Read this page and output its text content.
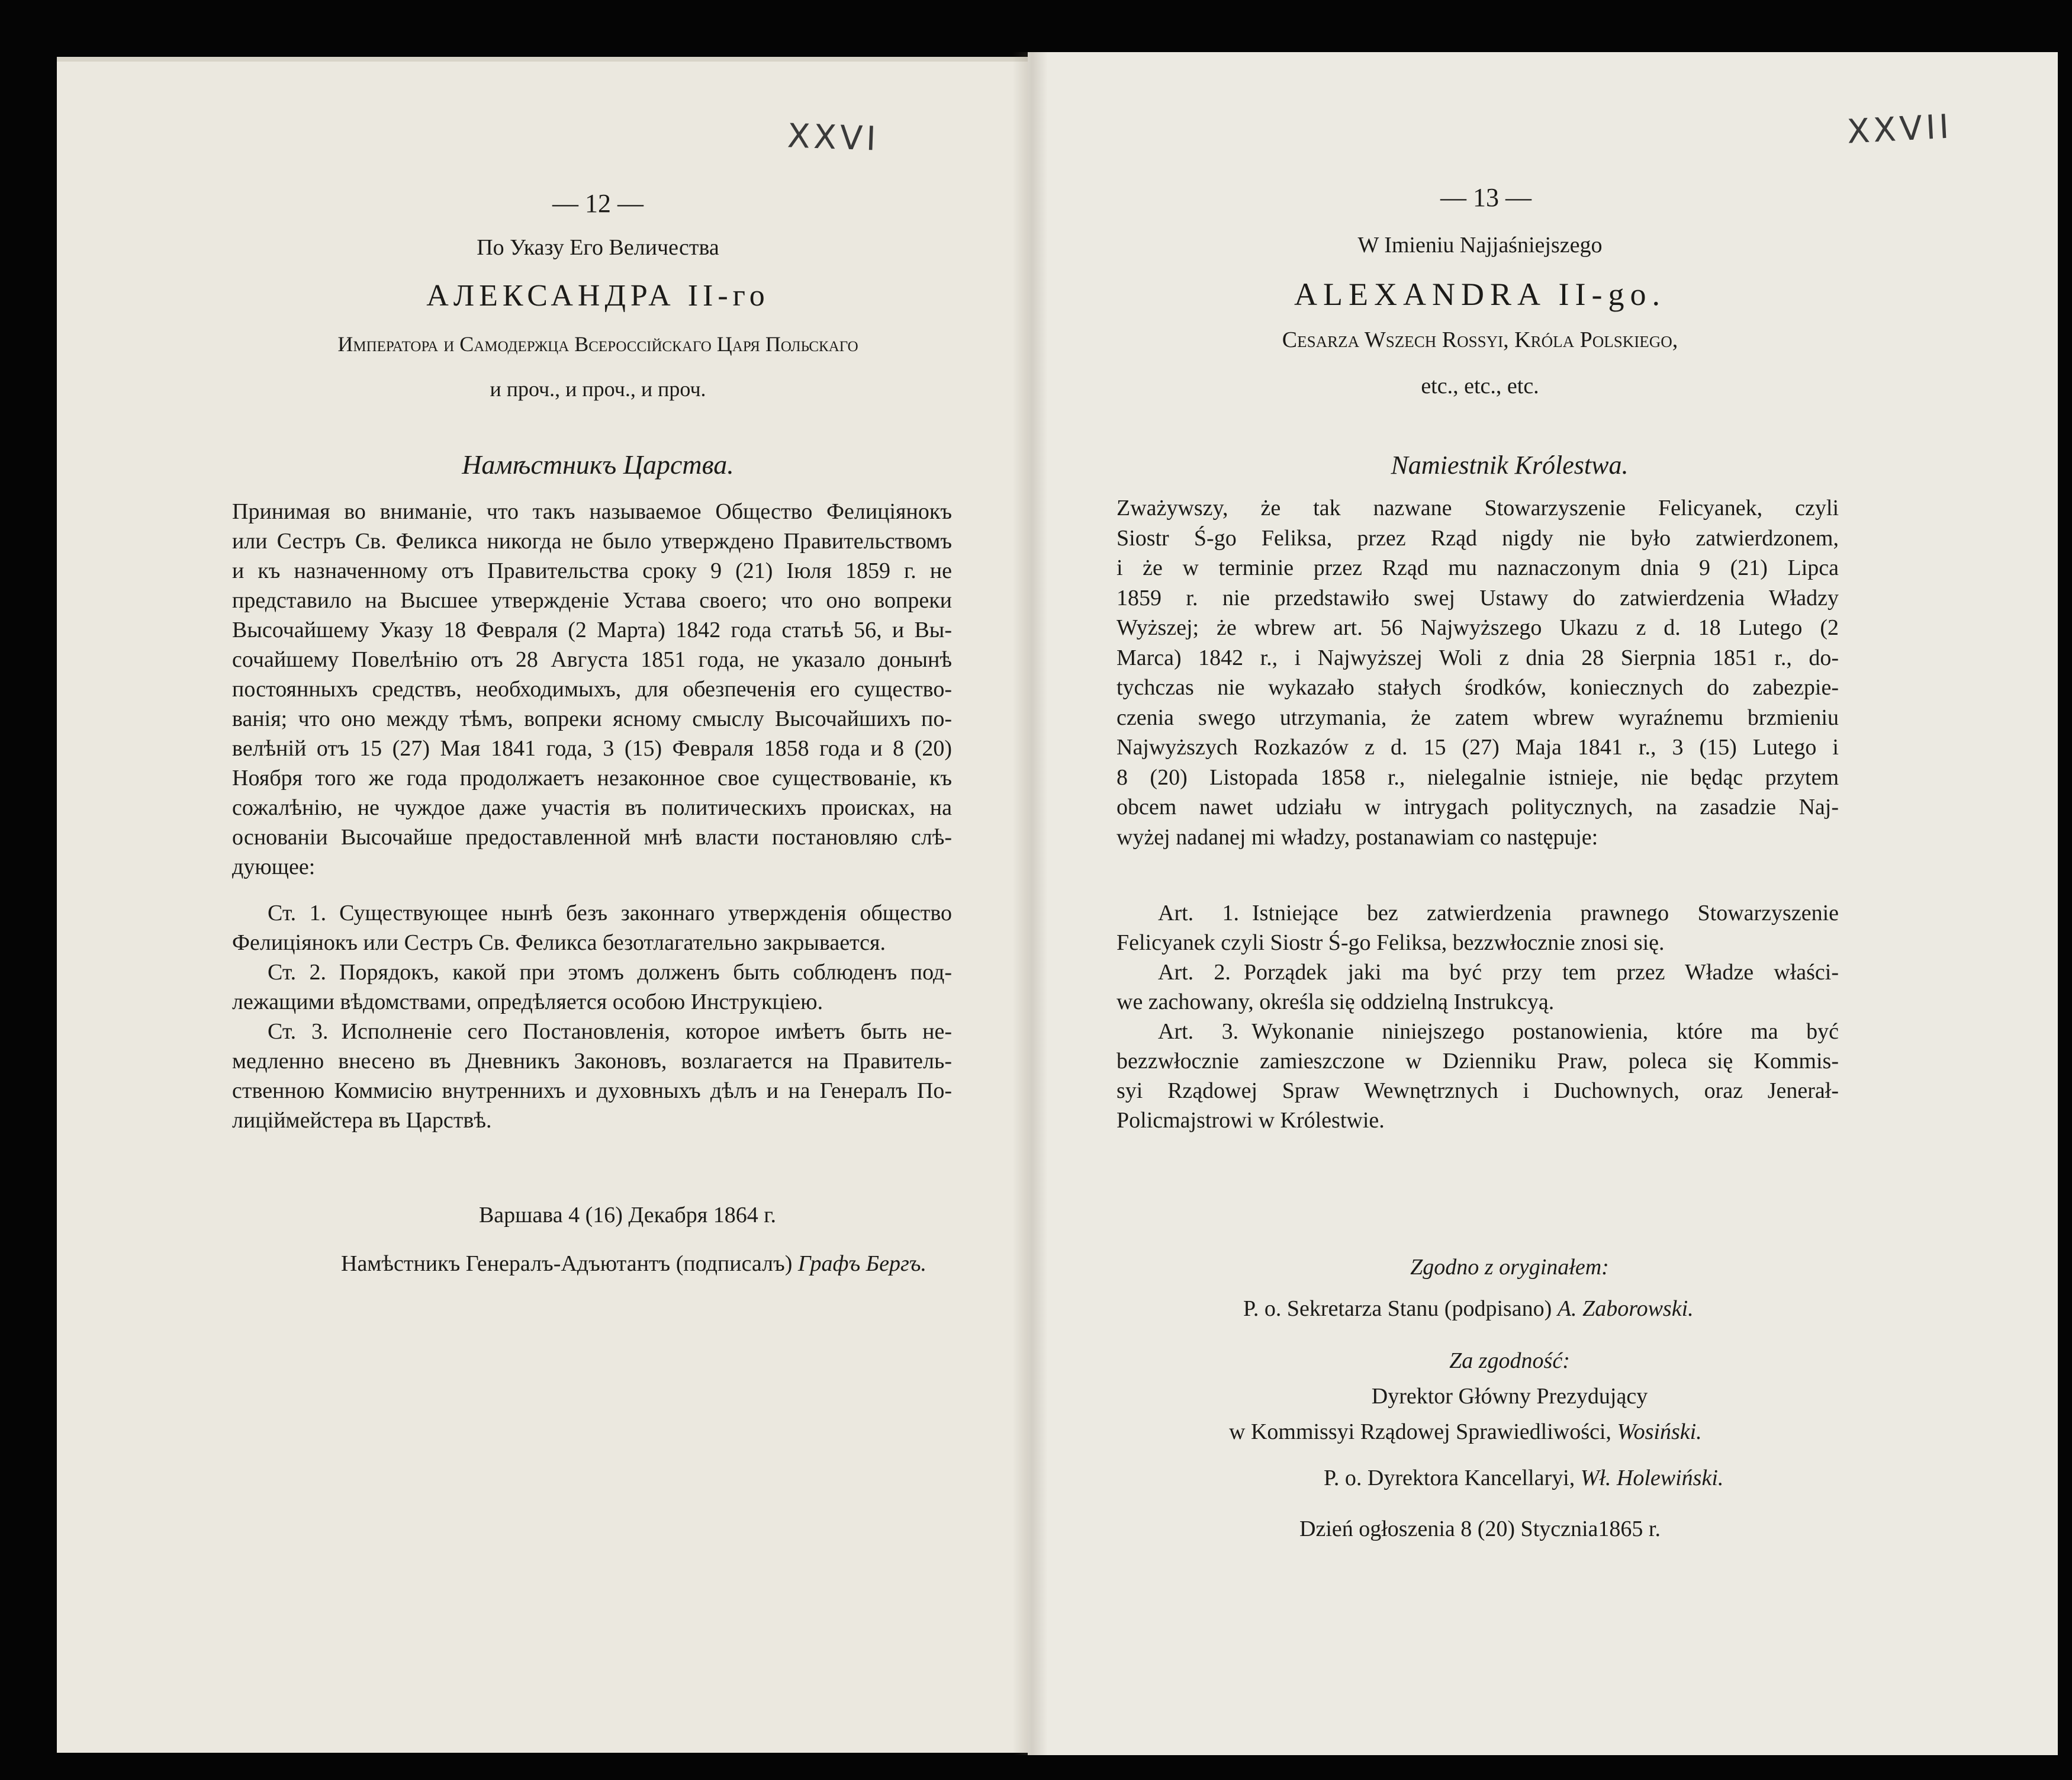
XXVI
— 12 —
По Указу Его Величества
АЛЕКСАНДРА II-го
Императора и Самодержца Всероссійскаго Царя Польскаго
и проч., и проч., и проч.
Намѣстникъ Царства.
Принимая во вниманіе, что такъ называемое Общество Фелиціянокъ
или Сестръ Св. Феликса никогда не было утверждено Правительствомъ
и къ назначенному отъ Правительства сроку 9 (21) Іюля 1859 г. не
представило на Высшее утвержденіе Устава своего; что оно вопреки
Высочайшему Указу 18 Февраля (2 Марта) 1842 года статьѣ 56, и Вы-
сочайшему Повелѣнію отъ 28 Августа 1851 года, не указало донынѣ
постоянныхъ средствъ, необходимыхъ, для обезпеченія его существо-
ванія; что оно между тѣмъ, вопреки ясному смыслу Высочайшихъ по-
велѣній отъ 15 (27) Мая 1841 года, 3 (15) Февраля 1858 года и 8 (20)
Ноября того же года продолжаетъ незаконное свое существованіе, къ
сожалѣнію, не чуждое даже участія въ политическихъ происках, на
основаніи Высочайше предоставленной мнѣ власти постановляю слѣ-
дующее:
Ст. 1. Существующее нынѣ безъ законнаго утвержденія общество
Фелиціянокъ или Сестръ Св. Феликса безотлагательно закрывается.
Ст. 2. Порядокъ, какой при этомъ долженъ быть соблюденъ под-
лежащими вѣдомствами, опредѣляется особою Инструкціею.
Ст. 3. Исполненіе сего Постановленія, которое имѣетъ быть не-
медленно внесено въ Дневникъ Законовъ, возлагается на Правитель-
ственною Коммисію внутреннихъ и духовныхъ дѣлъ и на Генералъ По-
лиціймейстера въ Царствѣ.
Варшава 4 (16) Декабря 1864 г.
Намѣстникъ Генералъ-Адъютантъ (подписалъ) Графъ Бергъ.
XXVII
— 13 —
W Imieniu Najjaśniejszego
ALEXANDRA II-go.
Cesarza Wszech Rossyi, Króla Polskiego,
etc., etc., etc.
Namiestnik Królestwa.
Zważywszy, że tak nazwane Stowarzyszenie Felicyanek, czyli
Siostr Ś-go Feliksa, przez Rząd nigdy nie było zatwierdzonem,
i że w terminie przez Rząd mu naznaczonym dnia 9 (21) Lipca
1859 r. nie przedstawiło swej Ustawy do zatwierdzenia Władzy
Wyższej; że wbrew art. 56 Najwyższego Ukazu z d. 18 Lutego (2
Marca) 1842 r., i Najwyższej Woli z dnia 28 Sierpnia 1851 r., do-
tychczas nie wykazało stałych środków, koniecznych do zabezpie-
czenia swego utrzymania, że zatem wbrew wyraźnemu brzmieniu
Najwyższych Rozkazów z d. 15 (27) Maja 1841 r., 3 (15) Lutego i
8 (20) Listopada 1858 r., nielegalnie istnieje, nie będąc przytem
obcem nawet udziału w intrygach politycznych, na zasadzie Naj-
wyżej nadanej mi władzy, postanawiam co następuje:
Art. 1. Istniejące bez zatwierdzenia prawnego Stowarzyszenie
Felicyanek czyli Siostr Ś-go Feliksa, bezzwłocznie znosi się.
Art. 2. Porządek jaki ma być przy tem przez Władze właści-
we zachowany, określa się oddzielną Instrukcyą.
Art. 3. Wykonanie niniejszego postanowienia, które ma być
bezzwłocznie zamieszczone w Dzienniku Praw, poleca się Kommis-
syi Rządowej Spraw Wewnętrznych i Duchownych, oraz Jenerał-
Policmajstrowi w Królestwie.
Zgodno z oryginałem:
P. o. Sekretarza Stanu (podpisano) A. Zaborowski.
Za zgodność:
Dyrektor Główny Prezydujący
w Kommissyi Rządowej Sprawiedliwości, Wosiński.
P. o. Dyrektora Kancellaryi, Wł. Holewiński.
Dzień ogłoszenia 8 (20) Stycznia1865 r.
